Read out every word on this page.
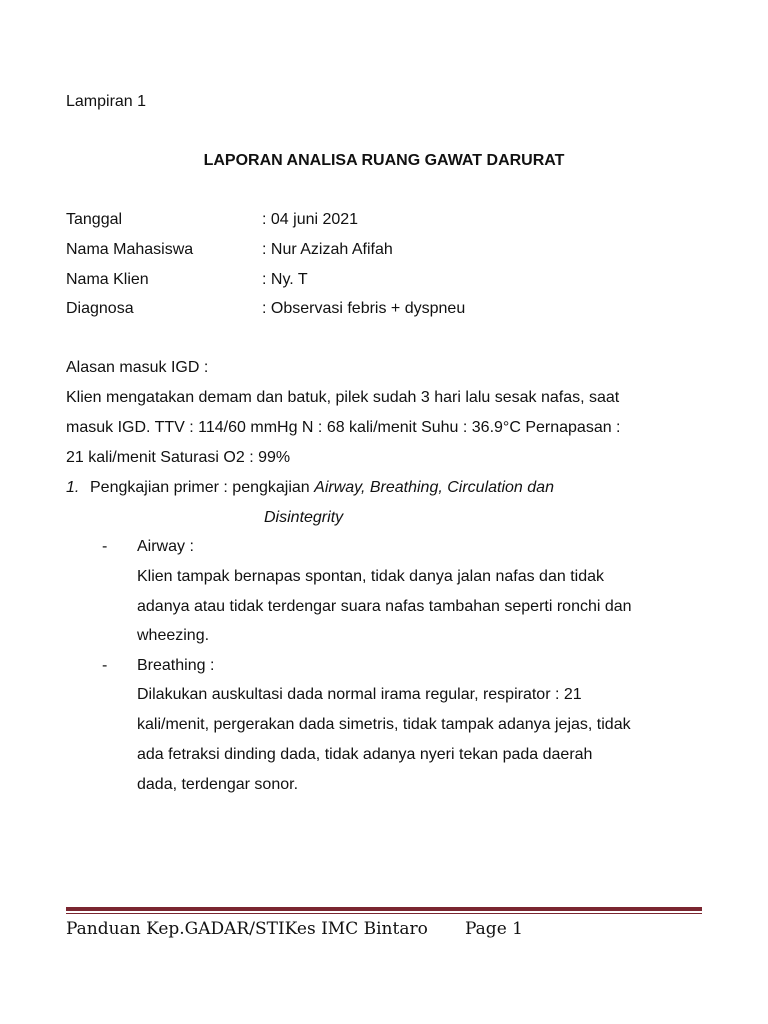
Lampiran 1
LAPORAN ANALISA RUANG GAWAT DARURAT
Tanggal	: 04 juni 2021
Nama Mahasiswa	: Nur Azizah Afifah
Nama Klien	: Ny. T
Diagnosa	: Observasi febris + dyspneu
Alasan masuk IGD :
Klien mengatakan demam dan batuk, pilek sudah 3 hari lalu sesak nafas, saat
masuk IGD. TTV : 114/60 mmHg N : 68 kali/menit Suhu : 36.9°C Pernapasan :
21 kali/menit Saturasi O2 : 99%
1. Pengkajian primer : pengkajian Airway, Breathing, Circulation dan
Disintegrity
- Airway :
Klien tampak bernapas spontan, tidak danya jalan nafas dan tidak
adanya atau tidak terdengar suara nafas tambahan seperti ronchi dan
wheezing.
- Breathing :
Dilakukan auskultasi dada normal irama regular, respirator : 21
kali/menit, pergerakan dada simetris, tidak tampak adanya jejas, tidak
ada fetraksi dinding dada, tidak adanya nyeri tekan pada daerah
dada, terdengar sonor.
Panduan Kep.GADAR/STIKes IMC Bintaro Page 1
